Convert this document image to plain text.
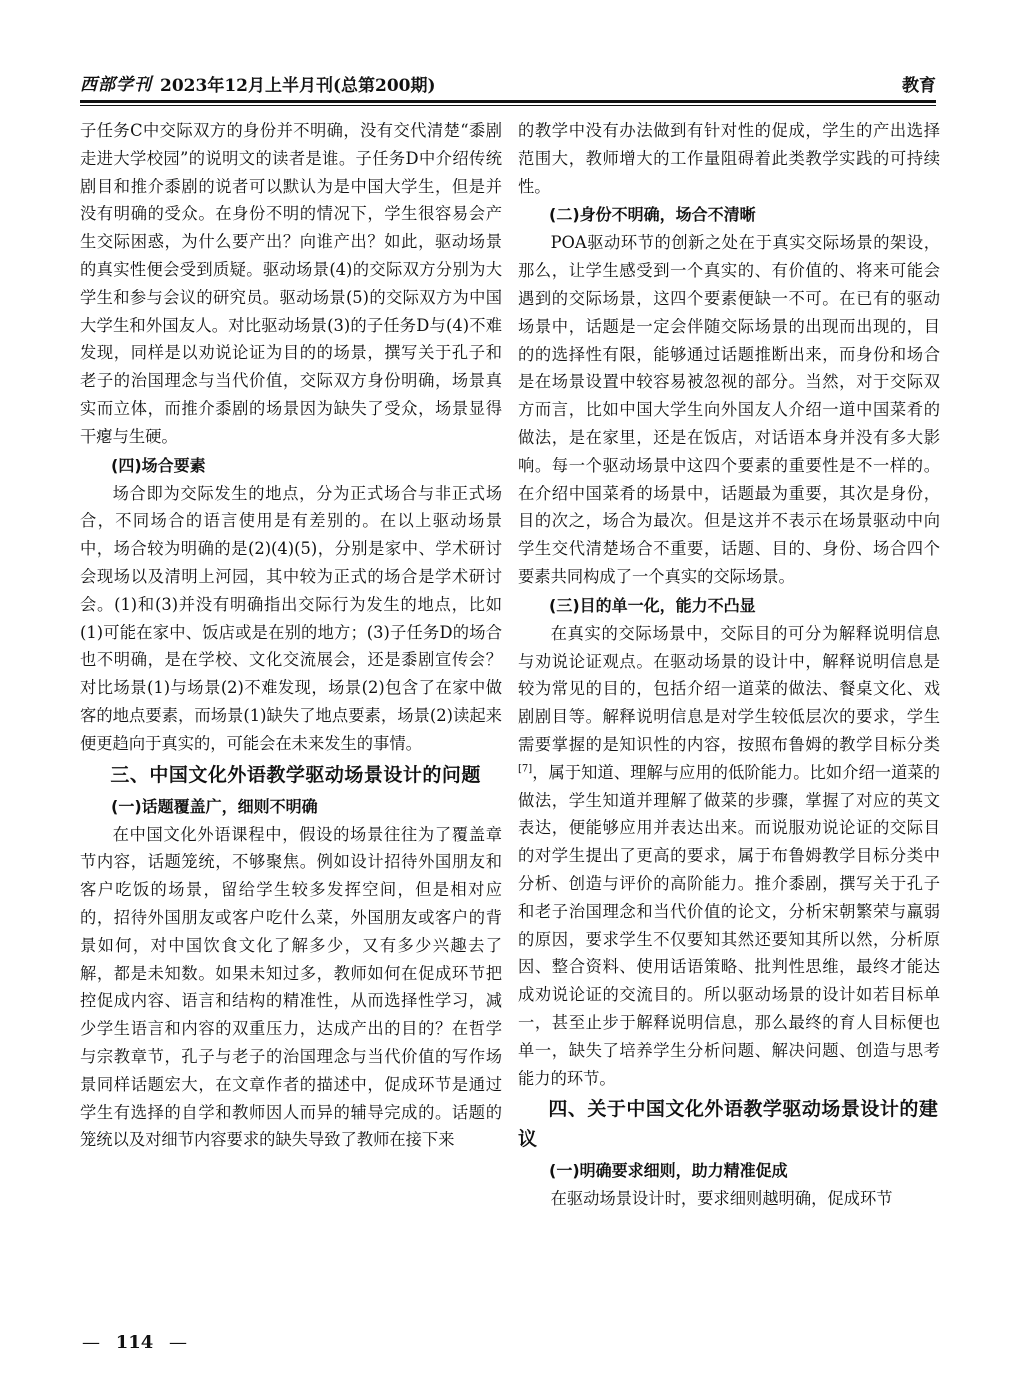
西部学刊 2023年12月上半月刊(总第200期)	教育

子任务C中交际双方的身份并不明确，没有交代清楚“黍剧走进大学校园”的说明文的读者是谁。子任务D中介绍传统剧目和推介黍剧的说者可以默认为是中国大学生，但是并没有明确的受众。在身份不明的情况下，学生很容易会产生交际困惑，为什么要产出？向谁产出？如此，驱动场景的真实性便会受到质疑。驱动场景(4)的交际双方分别为大学生和参与会议的研究员。驱动场景(5)的交际双方为中国大学生和外国友人。对比驱动场景(3)的子任务D与(4)不难发现，同样是以劝说论证为目的的场景，撰写关于孔子和老子的治国理念与当代价值，交际双方身份明确，场景真实而立体，而推介黍剧的场景因为缺失了受众，场景显得干瘪与生硬。

(四)场合要素

场合即为交际发生的地点，分为正式场合与非正式场合，不同场合的语言使用是有差别的。在以上驱动场景中，场合较为明确的是(2)(4)(5)，分别是家中、学术研讨会现场以及清明上河园，其中较为正式的场合是学术研讨会。(1)和(3)并没有明确指出交际行为发生的地点，比如(1)可能在家中、饭店或是在别的地方；(3)子任务D的场合也不明确，是在学校、文化交流展会，还是黍剧宣传会？对比场景(1)与场景(2)不难发现，场景(2)包含了在家中做客的地点要素，而场景(1)缺失了地点要素，场景(2)读起来便更趋向于真实的，可能会在未来发生的事情。

三、中国文化外语教学驱动场景设计的问题
(一)话题覆盖广，细则不明确

在中国文化外语课程中，假设的场景往往为了覆盖章节内容，话题笼统，不够聚焦。例如设计招待外国朋友和客户吃饭的场景，留给学生较多发挥空间，但是相对应的，招待外国朋友或客户吃什么菜，外国朋友或客户的背景如何，对中国饮食文化了解多少，又有多少兴趣去了解，都是未知数。如果未知过多，教师如何在促成环节把控促成内容、语言和结构的精准性，从而选择性学习，减少学生语言和内容的双重压力，达成产出的目的？在哲学与宗教章节，孔子与老子的治国理念与当代价值的写作场景同样话题宏大，在文章作者的描述中，促成环节是通过学生有选择的自学和教师因人而异的辅导完成的。话题的笼统以及对细节内容要求的缺失导致了教师在接下来

的教学中没有办法做到有针对性的促成，学生的产出选择范围大，教师增大的工作量阻碍着此类教学实践的可持续性。

(二)身份不明确，场合不清晰

POA驱动环节的创新之处在于真实交际场景的架设，那么，让学生感受到一个真实的、有价值的、将来可能会遇到的交际场景，这四个要素便缺一不可。在已有的驱动场景中，话题是一定会伴随交际场景的出现而出现的，目的的选择性有限，能够通过话题推断出来，而身份和场合是在场景设置中较容易被忽视的部分。当然，对于交际双方而言，比如中国大学生向外国友人介绍一道中国菜肴的做法，是在家里，还是在饭店，对话语本身并没有多大影响。每一个驱动场景中这四个要素的重要性是不一样的。在介绍中国菜肴的场景中，话题最为重要，其次是身份，目的次之，场合为最次。但是这并不表示在场景驱动中向学生交代清楚场合不重要，话题、目的、身份、场合四个要素共同构成了一个真实的交际场景。

(三)目的单一化，能力不凸显

在真实的交际场景中，交际目的可分为解释说明信息与劝说论证观点。在驱动场景的设计中，解释说明信息是较为常见的目的，包括介绍一道菜的做法、餐桌文化、戏剧剧目等。解释说明信息是对学生较低层次的要求，学生需要掌握的是知识性的内容，按照布鲁姆的教学目标分类[7]，属于知道、理解与应用的低阶能力。比如介绍一道菜的做法，学生知道并理解了做菜的步骤，掌握了对应的英文表达，便能够应用并表达出来。而说服劝说论证的交际目的对学生提出了更高的要求，属于布鲁姆教学目标分类中分析、创造与评价的高阶能力。推介黍剧，撰写关于孔子和老子治国理念和当代价值的论文，分析宋朝繁荣与羸弱的原因，要求学生不仅要知其然还要知其所以然，分析原因、整合资料、使用话语策略、批判性思维，最终才能达成劝说论证的交流目的。所以驱动场景的设计如若目标单一，甚至止步于解释说明信息，那么最终的育人目标便也单一，缺失了培养学生分析问题、解决问题、创造与思考能力的环节。

四、关于中国文化外语教学驱动场景设计的建议
(一)明确要求细则，助力精准促成

在驱动场景设计时，要求细则越明确，促成环节

— 114 —
